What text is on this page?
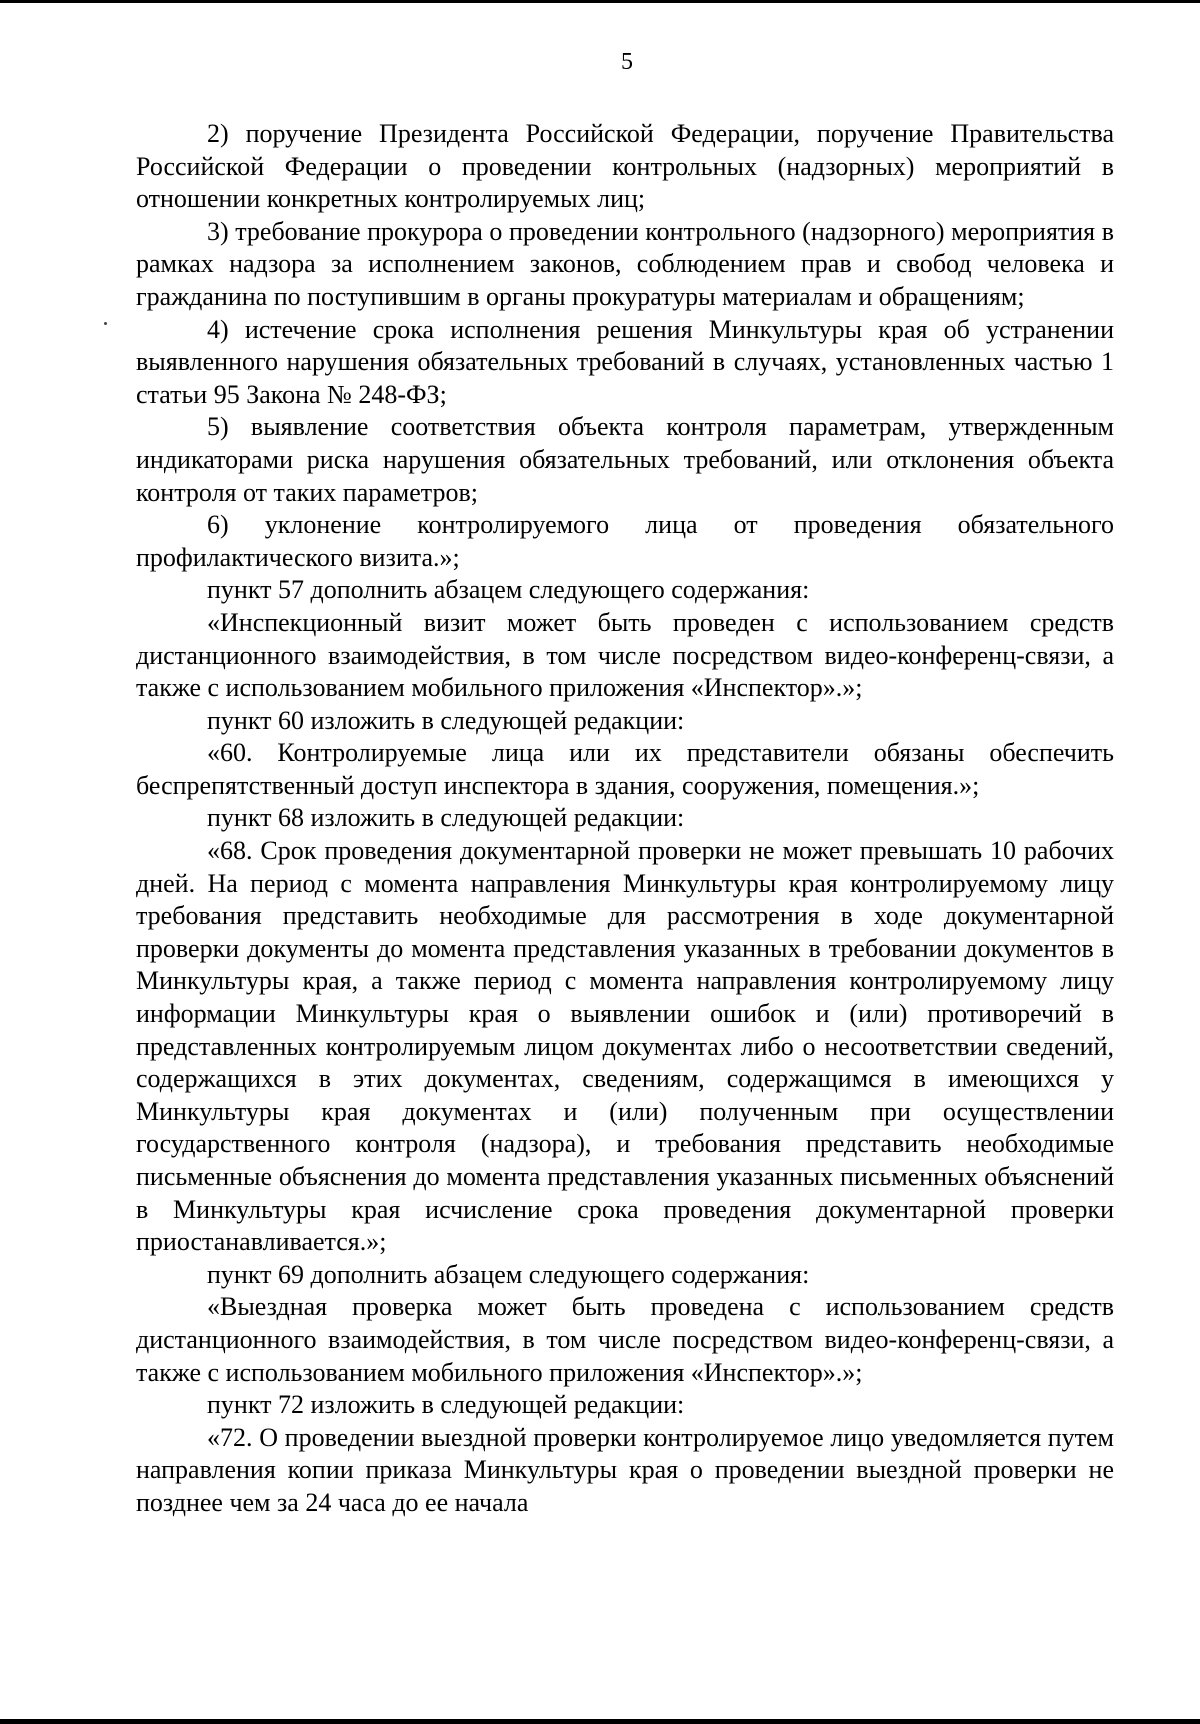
5

2) поручение Президента Российской Федерации, поручение Правительства Российской Федерации о проведении контрольных (надзорных) мероприятий в отношении конкретных контролируемых лиц;

3) требование прокурора о проведении контрольного (надзорного) мероприятия в рамках надзора за исполнением законов, соблюдением прав и свобод человека и гражданина по поступившим в органы прокуратуры материалам и обращениям;

4) истечение срока исполнения решения Минкультуры края об устранении выявленного нарушения обязательных требований в случаях, установленных частью 1 статьи 95 Закона № 248-ФЗ;

5) выявление соответствия объекта контроля параметрам, утвержденным индикаторами риска нарушения обязательных требований, или отклонения объекта контроля от таких параметров;

6) уклонение контролируемого лица от проведения обязательного профилактического визита.»;

пункт 57 дополнить абзацем следующего содержания:

«Инспекционный визит может быть проведен с использованием средств дистанционного взаимодействия, в том числе посредством видео-конференц-связи, а также с использованием мобильного приложения «Инспектор».»;

пункт 60 изложить в следующей редакции:

«60. Контролируемые лица или их представители обязаны обеспечить беспрепятственный доступ инспектора в здания, сооружения, помещения.»;

пункт 68 изложить в следующей редакции:

«68. Срок проведения документарной проверки не может превышать 10 рабочих дней. На период с момента направления Минкультуры края контролируемому лицу требования представить необходимые для рассмотрения в ходе документарной проверки документы до момента представления указанных в требовании документов в Минкультуры края, а также период с момента направления контролируемому лицу информации Минкультуры края о выявлении ошибок и (или) противоречий в представленных контролируемым лицом документах либо о несоответствии сведений, содержащихся в этих документах, сведениям, содержащимся в имеющихся у Минкультуры края документах и (или) полученным при осуществлении государственного контроля (надзора), и требования представить необходимые письменные объяснения до момента представления указанных письменных объяснений в Минкультуры края исчисление срока проведения документарной проверки приостанавливается.»;

пункт 69 дополнить абзацем следующего содержания:

«Выездная проверка может быть проведена с использованием средств дистанционного взаимодействия, в том числе посредством видео-конференц-связи, а также с использованием мобильного приложения «Инспектор».»;

пункт 72 изложить в следующей редакции:

«72. О проведении выездной проверки контролируемое лицо уведомляется путем направления копии приказа Минкультуры края о проведении выездной проверки не позднее чем за 24 часа до ее начала
